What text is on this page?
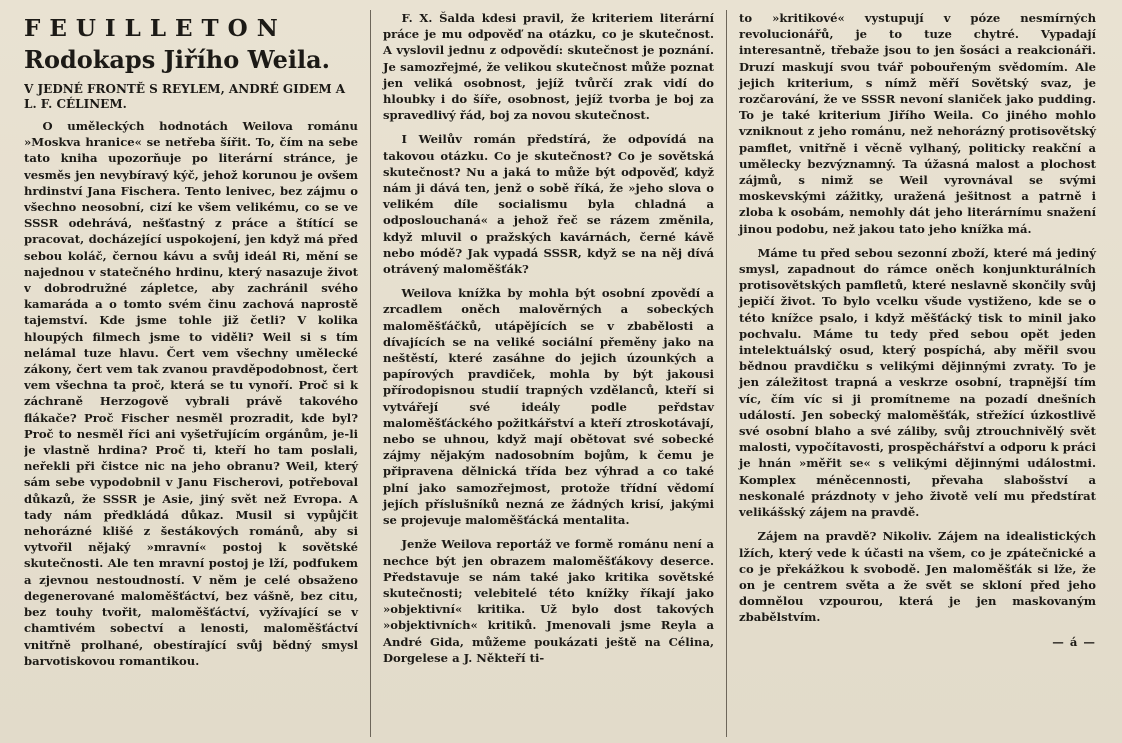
FEUILLETON
Rodokaps Jiřího Weila.
V JEDNÉ FRONTĚ S REYLEM, ANDRÉ GIDEM A L. F. CÉLINEM.

O uměleckých hodnotách Weilova románu »Moskva hranice« se netřeba šířit. To, čím na sebe tato kniha upozorňuje po literární stránce, je vesměs jen nevybíravý kýč, jehož korunou je ovšem hrdinství Jana Fischera. Tento lenivec, bez zájmu o všechno neosobní, cizí ke všem velikému, co se ve SSSR odehrává, nešťastný z práce a štítící se pracovat, docházející uspokojení, jen když má před sebou koláč, černou kávu a svůj ideál Ri, mění se najednou v statečného hrdinu, který nasazuje život v dobrodružné zápletce, aby zachránil svého kamaráda a o tomto svém činu zachová naprostě tajemství. Kde jsme tohle již četli? V kolika hloupých filmech jsme to viděli? Weil si s tím nelámal tuze hlavu. Čert vem všechny umělecké zákony, čert vem tak zvanou pravděpodobnost, čert vem všechna ta proč, která se tu vynoří. Proč si k záchraně Herzogově vybrali právě takového flákače? Proč Fischer nesměl prozradit, kde byl? Proč to nesměl říci ani vyšetřujícím orgánům, je-li je vlastně hrdina? Proč ti, kteří ho tam poslali, neřekli při čistce nic na jeho obranu? Weil, který sám sebe vypodobnil v Janu Fischerovi, potřeboval důkazů, že SSSR je Asie, jiný svět než Evropa. A tady nám předkládá důkaz. Musil si vypůjčit nehorázné klišé z šestákových románů, aby si vytvořil nějaký »mravní« postoj k sovětské skutečnosti. Ale ten mravní postoj je lží, podfukem a zjevnou nestoudností. V něm je celé obsaženo degenerované maloměšťáctví, bez vášně, bez citu, bez touhy tvořit, maloměšťáctví, vyžívající se v chamtivém sobectví a lenosti, maloměšťáctví vnitřně prolhané, obestírající svůj bědný smysl barvotiskovou romantikou.

F. X. Šalda kdesi pravil, že kriteriem literární práce je mu odpověď na otázku, co je skutečnost. A vyslovil jednu z odpovědí: skutečnost je poznání. Je samozřejmé, že velikou skutečnost může poznat jen veliká osobnost, jejíž tvůrčí zrak vidí do hloubky i do šíře, osobnost, jejíž tvorba je boj za spravedlivý řád, boj za novou skutečnost.

I Weilův román předstírá, že odpovídá na takovou otázku. Co je skutečnost? Co je sovětská skutečnost? Nu a jaká to může být odpověď, když nám ji dává ten, jenž o sobě říká, že »jeho slova o velikém díle socialismu byla chladná a odposlouchaná« a jehož řeč se rázem změnila, když mluvil o pražských kavárnách, černé kávě nebo módě? Jak vypadá SSSR, když se na něj dívá otrávený maloměšťák?

Weilova knížka by mohla být osobní zpovědí a zrcadlem oněch malověrných a sobeckých maloměšťáčků, utápějících se v zbabělosti a dívajících se na veliké sociální přeměny jako na neštěstí, které zasáhne do jejich úzounkých a papírových pravdiček, mohla by být jakousi přírodopisnou studií trapných vzdělanců, kteří si vytvářejí své ideály podle peřdstav maloměšťáckého požitkářství a kteří ztroskotávají, nebo se uhnou, když mají obětovat své sobecké zájmy nějakým nadosobním bojům, k čemu je připravena dělnická třída bez výhrad a co také plní jako samozřejmost, protože třídní vědomí jejích příslušníků nezná ze žádných krisí, jakými se projevuje maloměšťácká mentalita.

Jenže Weilova reportáž ve formě románu není a nechce být jen obrazem maloměšťákovy deserce. Představuje se nám také jako kritika sovětské skutečnosti; velebitelé této knížky říkají jako »objektivní« kritika. Už bylo dost takových »objektivních« kritiků. Jmenovali jsme Reyla a André Gida, můžeme poukázati ještě na Célina, Dorgelese a J. Někteří ti-

to »kritikové« vystupují v póze nesmírných revolucionářů, je to tuze chytré. Vypadají interesantně, třebaže jsou to jen šosáci a reakcionáři. Druzí maskují svou tvář pobouřeným svědomím. Ale jejich kriterium, s nímž měří Sovětský svaz, je rozčarování, že ve SSSR nevoní slaniček jako pudding. To je také kriterium Jiřího Weila. Co jiného mohlo vzniknout z jeho románu, než nehorázný protisovětský pamflet, vnitřně i věcně vylhaný, politicky reakční a umělecky bezvýznamný. Ta úžasná malost a plochost zájmů, s nimž se Weil vyrovnával se svými moskevskými zážitky, uražená ješitnost a patrně i zloba k osobám, nemohly dát jeho literárnímu snažení jinou podobu, než jakou tato jeho knížka má.

Máme tu před sebou sezonní zboží, které má jediný smysl, zapadnout do rámce oněch konjunkturálních protisovětských pamfletů, které neslavně skončily svůj jepičí život. To bylo vcelku všude vystiženo, kde se o této knížce psalo, i když měšťácký tisk to minil jako pochvalu. Máme tu tedy před sebou opět jeden intelektuálský osud, který pospíchá, aby měřil svou bědnou pravdičku s velikými dějinnými zvraty. To je jen záležitost trapná a veskrze osobní, trapnější tím víc, čím víc si ji promítneme na pozadí dnešních událostí. Jen sobecký maloměšťák, střežící úzkostlivě své osobní blaho a své záliby, svůj ztrouchnivělý svět malosti, vypočítavosti, prospěchářství a odporu k práci je hnán »měřit se« s velikými dějinnými událostmi. Komplex méněcennosti, převaha slabošství a neskonalé prázdnoty v jeho životě velí mu předstírat velikášský zájem na pravdě.

Zájem na pravdě? Nikoliv. Zájem na idealistických lžích, který vede k účasti na všem, co je zpátečnické a co je překážkou k svobodě. Jen maloměšťák si lže, že on je centrem světa a že svět se skloní před jeho domnělou vzpourou, která je jen maskovaným zbabělstvím.

— á —
